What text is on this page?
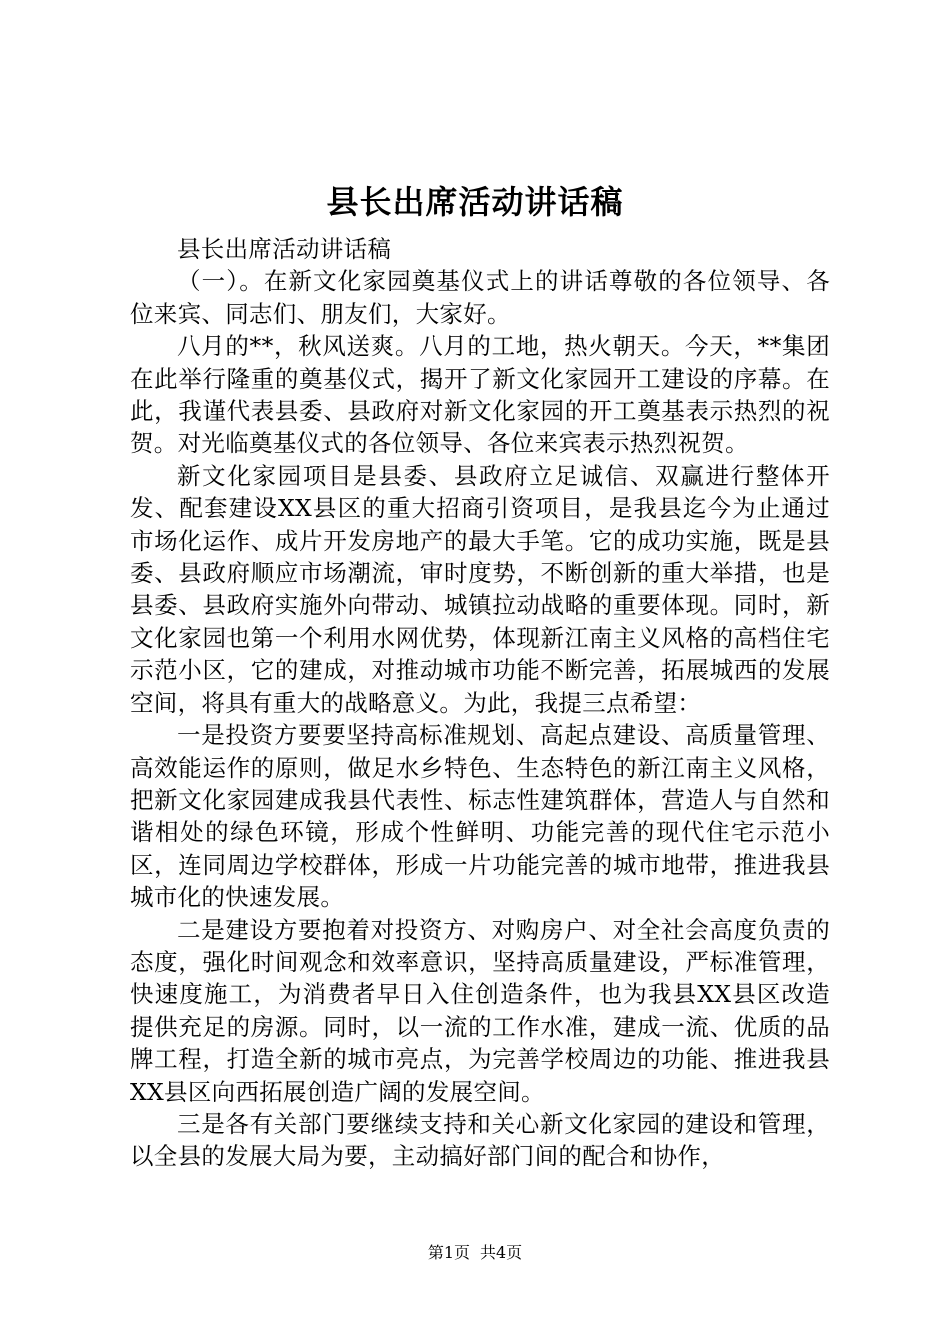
县长出席活动讲话稿

县长出席活动讲话稿

（一）。在新文化家园奠基仪式上的讲话尊敬的各位领导、各位来宾、同志们、朋友们，大家好。

八月的**，秋风送爽。八月的工地，热火朝天。今天，**集团在此举行隆重的奠基仪式，揭开了新文化家园开工建设的序幕。在此，我谨代表县委、县政府对新文化家园的开工奠基表示热烈的祝贺。对光临奠基仪式的各位领导、各位来宾表示热烈祝贺。

新文化家园项目是县委、县政府立足诚信、双赢进行整体开发、配套建设XX县区的重大招商引资项目，是我县迄今为止通过市场化运作、成片开发房地产的最大手笔。它的成功实施，既是县委、县政府顺应市场潮流，审时度势，不断创新的重大举措，也是县委、县政府实施外向带动、城镇拉动战略的重要体现。同时，新文化家园也第一个利用水网优势，体现新江南主义风格的高档住宅示范小区，它的建成，对推动城市功能不断完善，拓展城西的发展空间，将具有重大的战略意义。为此，我提三点希望：

一是投资方要要坚持高标准规划、高起点建设、高质量管理、高效能运作的原则，做足水乡特色、生态特色的新江南主义风格，把新文化家园建成我县代表性、标志性建筑群体，营造人与自然和谐相处的绿色环镜，形成个性鲜明、功能完善的现代住宅示范小区，连同周边学校群体，形成一片功能完善的城市地带，推进我县城市化的快速发展。

二是建设方要抱着对投资方、对购房户、对全社会高度负责的态度，强化时间观念和效率意识，坚持高质量建设，严标准管理，快速度施工，为消费者早日入住创造条件，也为我县XX县区改造提供充足的房源。同时，以一流的工作水准，建成一流、优质的品牌工程，打造全新的城市亮点，为完善学校周边的功能、推进我县XX县区向西拓展创造广阔的发展空间。

三是各有关部门要继续支持和关心新文化家园的建设和管理，以全县的发展大局为要，主动搞好部门间的配合和协作，

第1页 共4页
